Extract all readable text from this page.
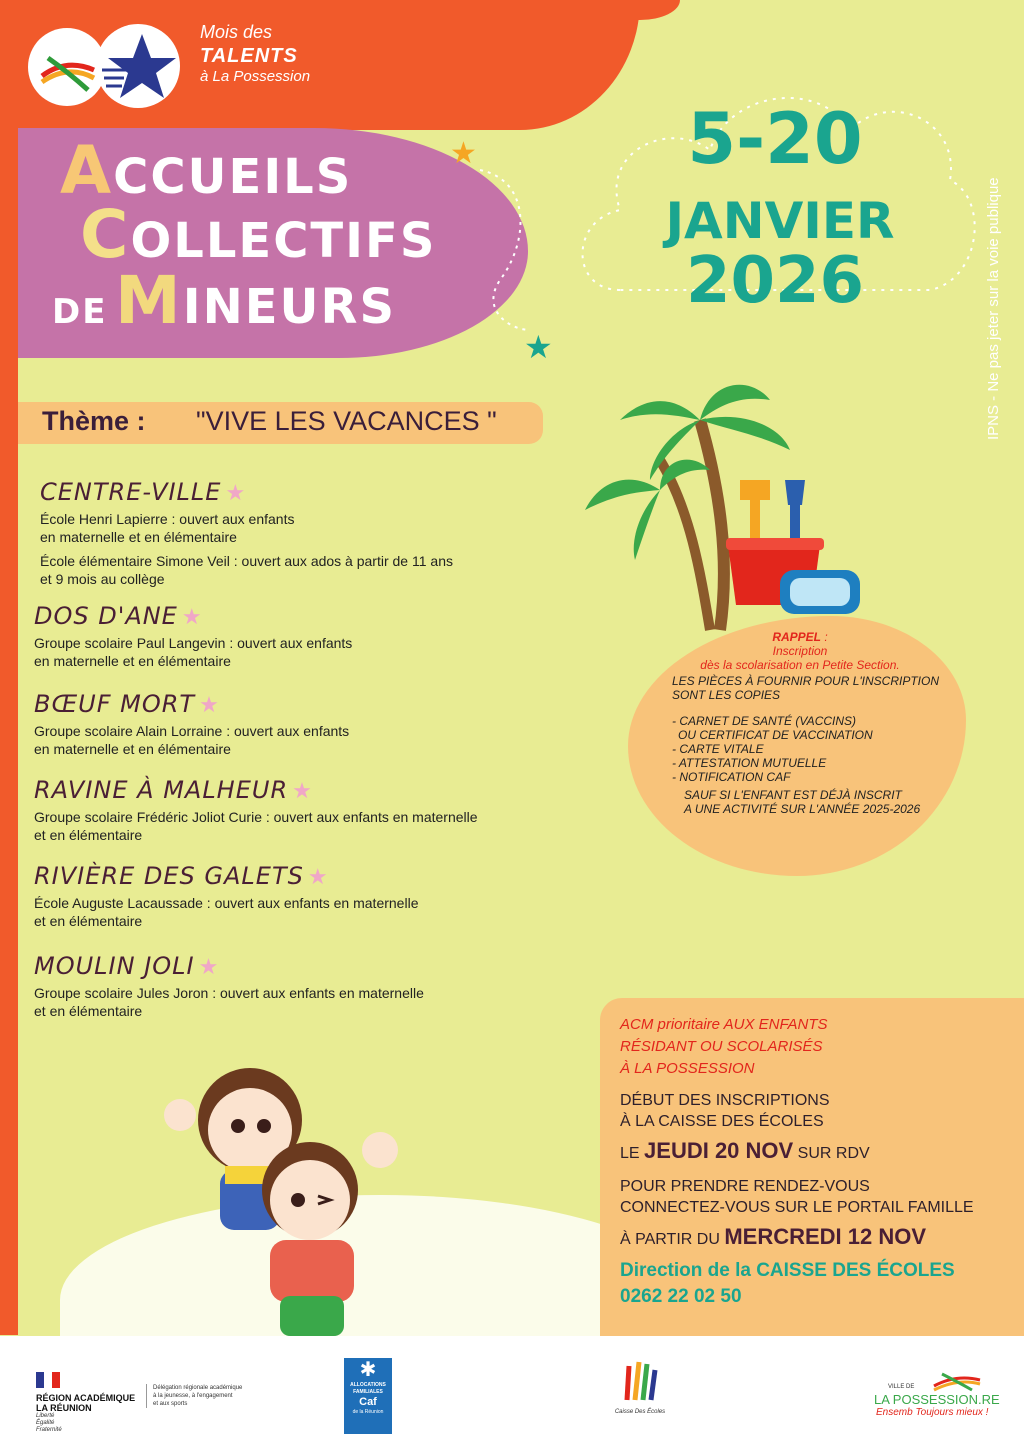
Mois des
TALENTS
à La Possession
ACCUEILS
COLLECTIFS
DE MINEURS
★
★
5-20
JANVIER
2026	IPNS - Ne pas jeter sur la voie publique
Thème : "VIVE LES VACANCES "
CENTRE-VILLE ★
École Henri Lapierre : ouvert aux enfants
en maternelle et en élémentaire
École élémentaire Simone Veil : ouvert aux ados à partir de 11 ans
et 9 mois au collège
DOS D'ANE ★
Groupe scolaire Paul Langevin : ouvert aux enfants
en maternelle et en élémentaire
BŒUF MORT ★
Groupe scolaire Alain Lorraine : ouvert aux enfants
en maternelle et en élémentaire
RAVINE À MALHEUR ★
Groupe scolaire Frédéric Joliot Curie : ouvert aux enfants en maternelle
et en élémentaire
RIVIÈRE DES GALETS ★
École Auguste Lacaussade : ouvert aux enfants en maternelle
et en élémentaire
MOULIN JOLI ★
Groupe scolaire Jules Joron : ouvert aux enfants en maternelle
et en élémentaire
RAPPEL :
Inscription
dès la scolarisation en Petite Section.
LES PIÈCES À FOURNIR POUR L'INSCRIPTION
SONT LES COPIES
- CARNET DE SANTÉ (VACCINS)
OU CERTIFICAT DE VACCINATION
- CARTE VITALE
- ATTESTATION MUTUELLE
- NOTIFICATION CAF
SAUF SI L'ENFANT EST DÉJÀ INSCRIT
A UNE ACTIVITÉ SUR L'ANNÉE 2025-2026
ACM prioritaire AUX ENFANTS
RÉSIDANT OU SCOLARISÉS
À LA POSSESSION
DÉBUT DES INSCRIPTIONS
À LA CAISSE DES ÉCOLES
LE JEUDI 20 NOV SUR RDV
POUR PRENDRE RENDEZ-VOUS
CONNECTEZ-VOUS SUR LE PORTAIL FAMILLE
À PARTIR DU MERCREDI 12 NOV
Direction de la CAISSE DES ÉCOLES
0262 22 02 50
RÉGION ACADÉMIQUE
LA RÉUNION
Liberté
Égalité
Fraternité
Délégation régionale académique
à la jeunesse, à l'engagement
et aux sports
✱
ALLOCATIONS
FAMILIALES
Caf
de la Réunion	Caisse Des Écoles
VILLE DE
LA POSSESSION.RE
Ensemb Toujours mieux !
